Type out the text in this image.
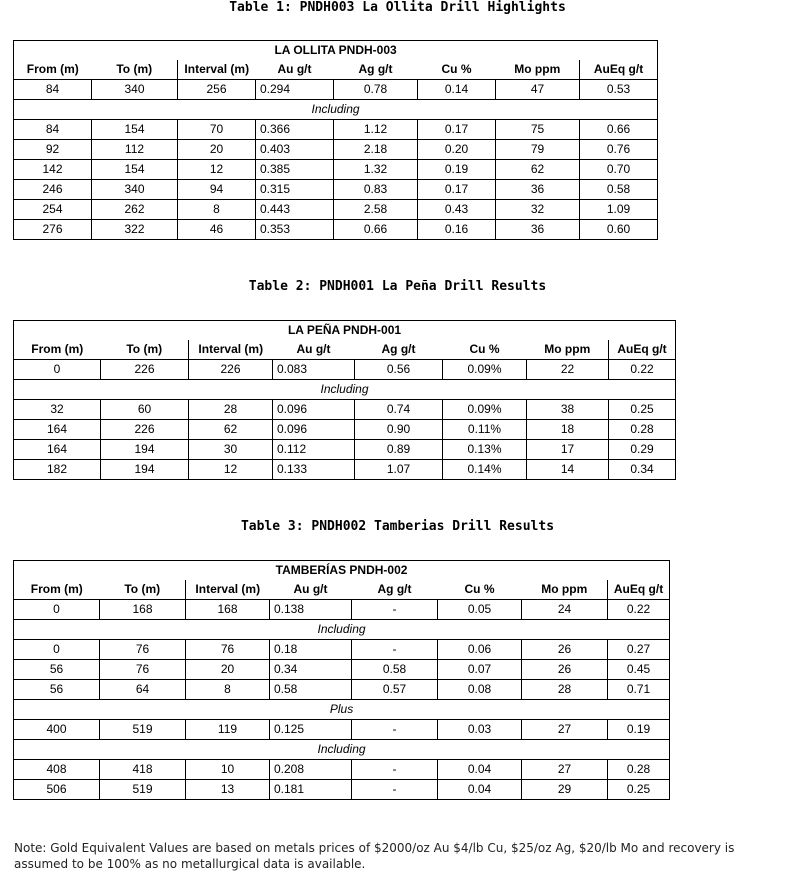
Table 1: PNDH003 La Ollita Drill Highlights
LA OLLITA PNDH-003							
From (m)	To (m)	Interval (m)	Au g/t	Ag g/t	Cu %	Mo ppm	AuEq g/t
84	340	256	0.294	0.78	0.14	47	0.53
Including							
84	154	70	0.366	1.12	0.17	75	0.66
92	112	20	0.403	2.18	0.20	79	0.76
142	154	12	0.385	1.32	0.19	62	0.70
246	340	94	0.315	0.83	0.17	36	0.58
254	262	8	0.443	2.58	0.43	32	1.09
276	322	46	0.353	0.66	0.16	36	0.60
Table 2: PNDH001 La Peña Drill Results
LA PEÑA PNDH-001							
From (m)	To (m)	Interval (m)	Au g/t	Ag g/t	Cu %	Mo ppm	AuEq g/t
0	226	226	0.083	0.56	0.09%	22	0.22
Including							
32	60	28	0.096	0.74	0.09%	38	0.25
164	226	62	0.096	0.90	0.11%	18	0.28
164	194	30	0.112	0.89	0.13%	17	0.29
182	194	12	0.133	1.07	0.14%	14	0.34
Table 3: PNDH002 Tamberias Drill Results
TAMBERÍAS PNDH-002							
From (m)	To (m)	Interval (m)	Au g/t	Ag g/t	Cu %	Mo ppm	AuEq g/t
0	168	168	0.138	-	0.05	24	0.22
Including							
0	76	76	0.18	-	0.06	26	0.27
56	76	20	0.34	0.58	0.07	26	0.45
56	64	8	0.58	0.57	0.08	28	0.71
Plus							
400	519	119	0.125	-	0.03	27	0.19
Including							
408	418	10	0.208	-	0.04	27	0.28
506	519	13	0.181	-	0.04	29	0.25
Note: Gold Equivalent Values are based on metals prices of $2000/oz Au $4/lb Cu, $25/oz Ag, $20/lb Mo and recovery is assumed to be 100% as no metallurgical data is available.
